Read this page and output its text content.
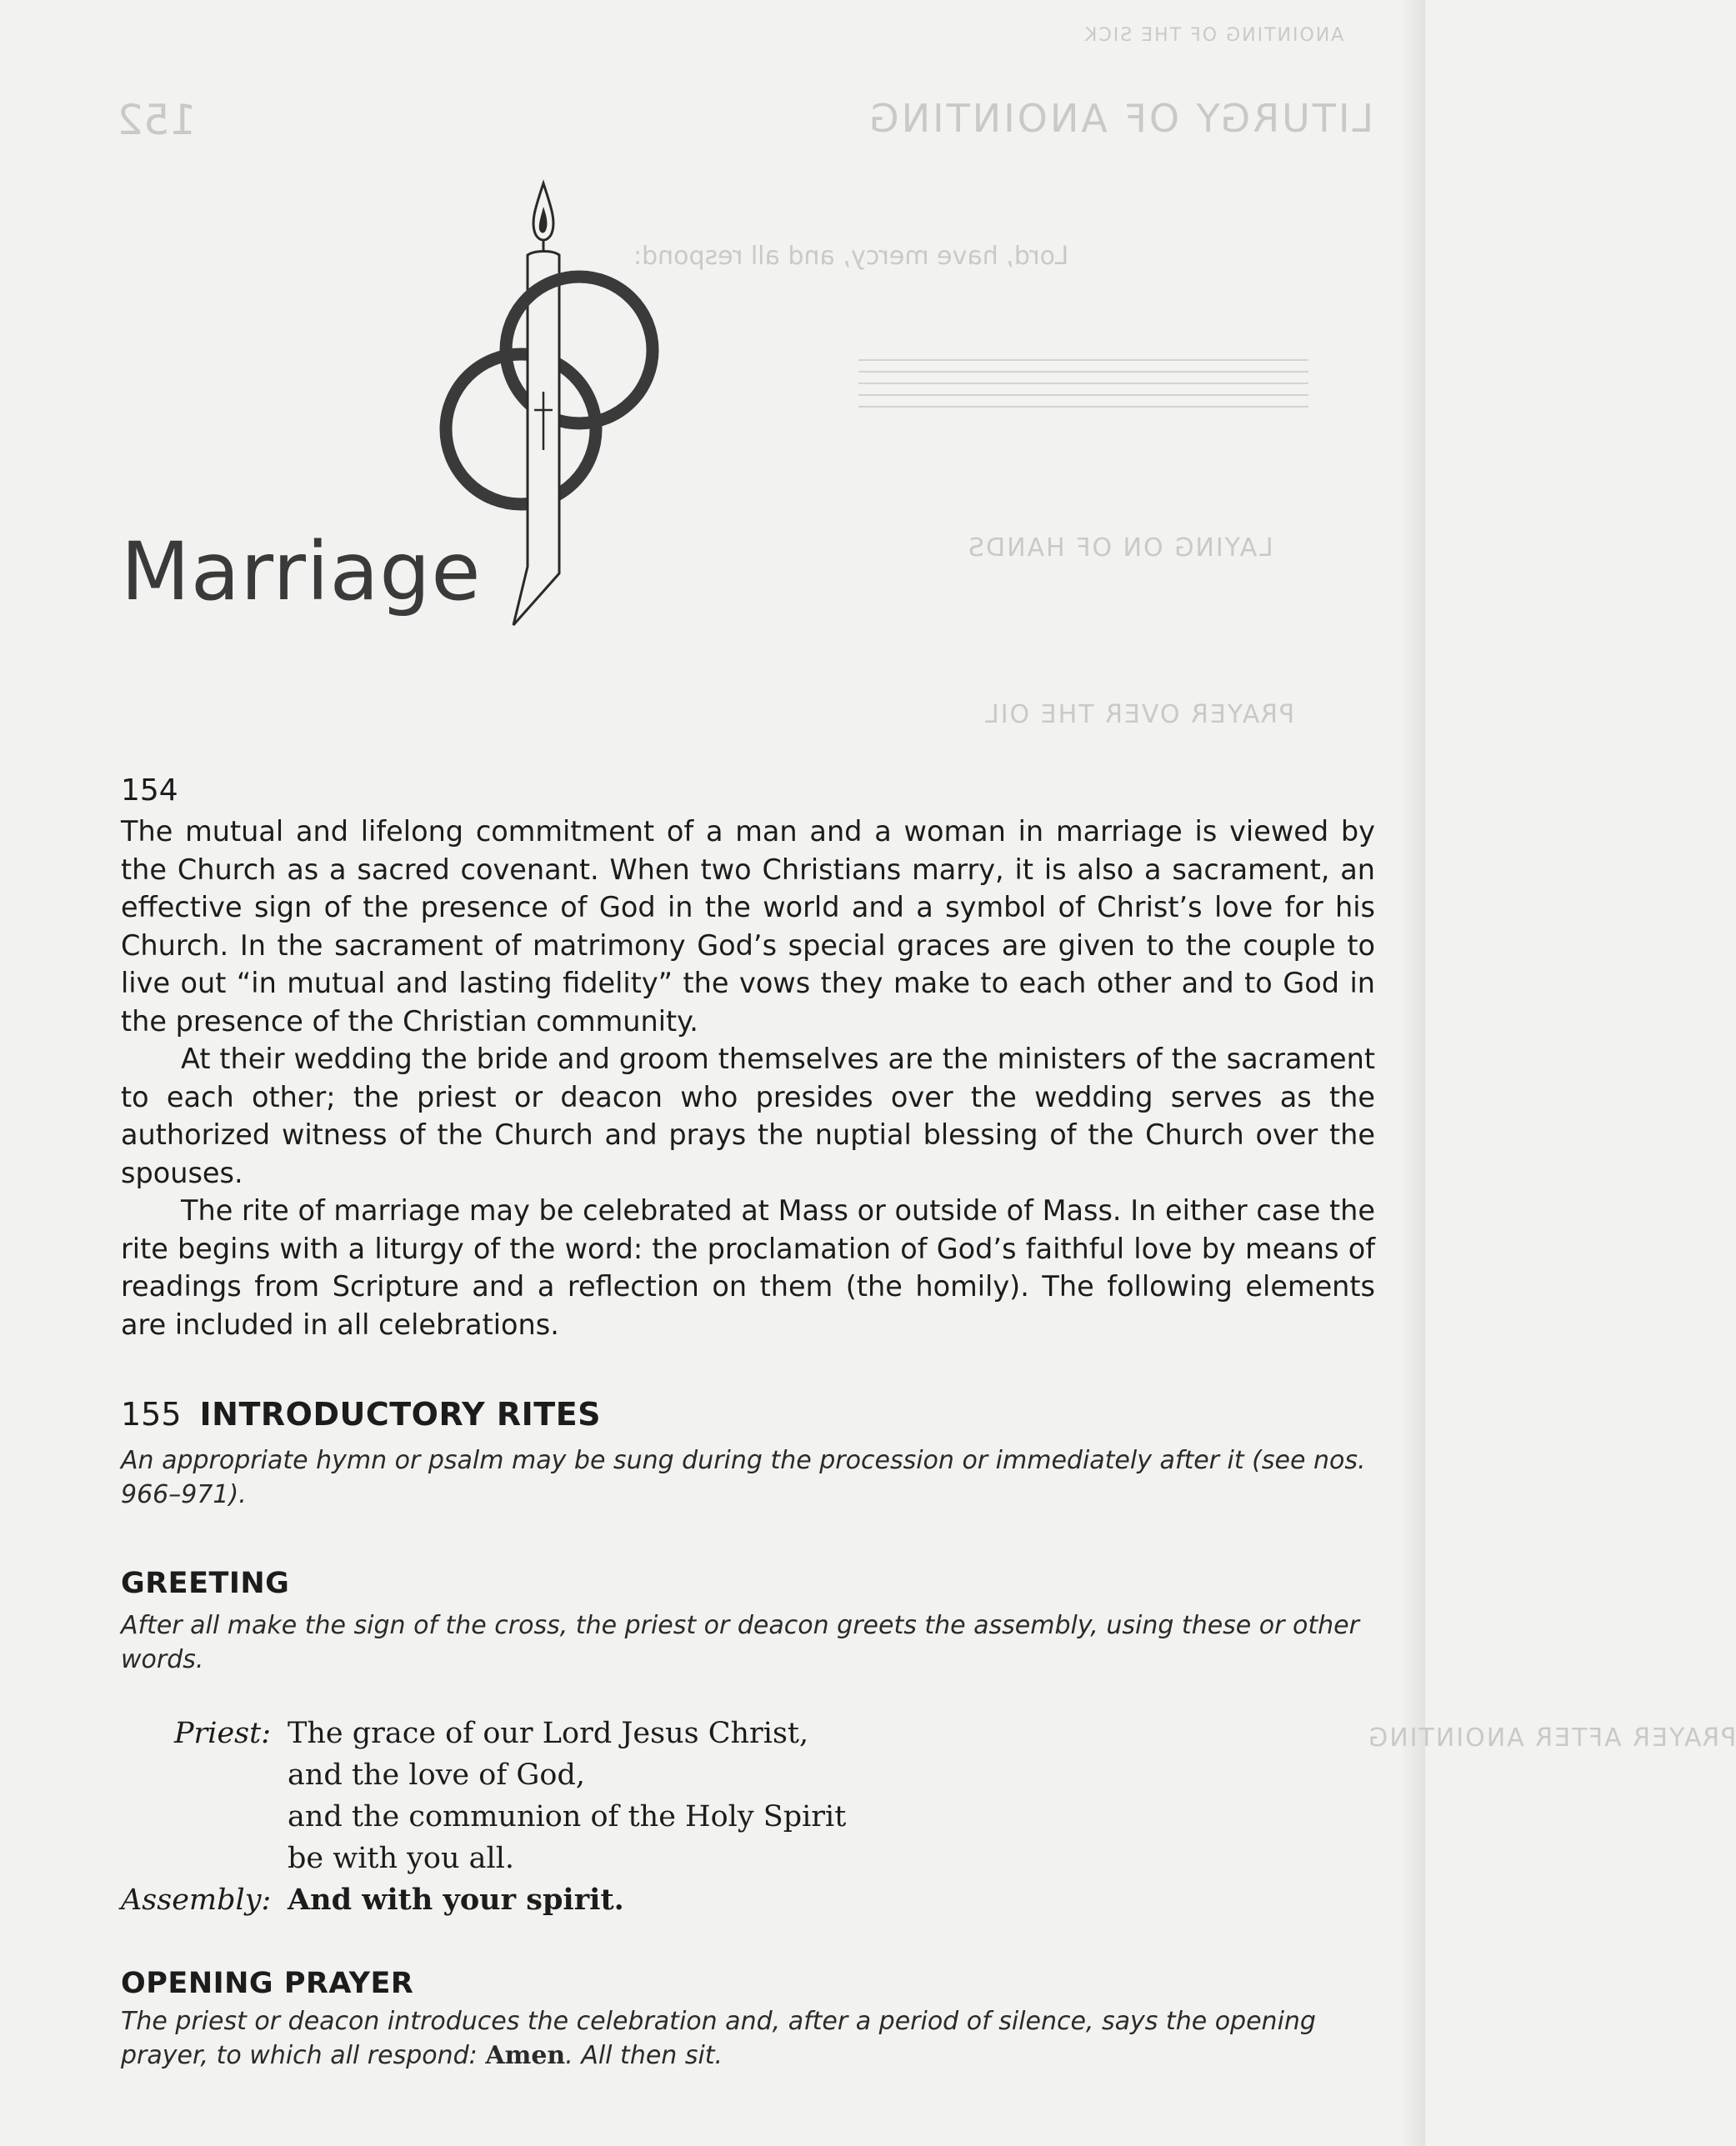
ANOINTING OF THE SICK
LITURGY OF ANOINTING
152
Lord, have mercy, and all respond:
LAYING ON OF HANDS
PRAYER OVER THE OIL
PRAYER AFTER ANOINTING
Marriage
154

The mutual and lifelong commitment of a man and a woman in marriage is viewed by the Church as a sacred covenant. When two Christians marry, it is also a sacrament, an effective sign of the presence of God in the world and a symbol of Christ’s love for his Church. In the sacrament of matrimony God’s special graces are given to the couple to live out “in mutual and lasting fidelity” the vows they make to each other and to God in the presence of the Christian community.

At their wedding the bride and groom themselves are the ministers of the sacrament to each other; the priest or deacon who presides over the wedding serves as the authorized witness of the Church and prays the nuptial blessing of the Church over the spouses.

The rite of marriage may be celebrated at Mass or outside of Mass. In either case the rite begins with a liturgy of the word: the proclamation of God’s faithful love by means of readings from Scripture and a reflection on them (the homily). The following elements are included in all celebrations.

155 INTRODUCTORY RITES
An appropriate hymn or psalm may be sung during the procession or immediately after it (see nos. 966–971).
GREETING
After all make the sign of the cross, the priest or deacon greets the assembly, using these or other words.
Priest: The grace of our Lord Jesus Christ,
and the love of God,
and the communion of the Holy Spirit
be with you all.
Assembly: And with your spirit.
OPENING PRAYER
The priest or deacon introduces the celebration and, after a period of silence, says the opening prayer, to which all respond: Amen. All then sit.
